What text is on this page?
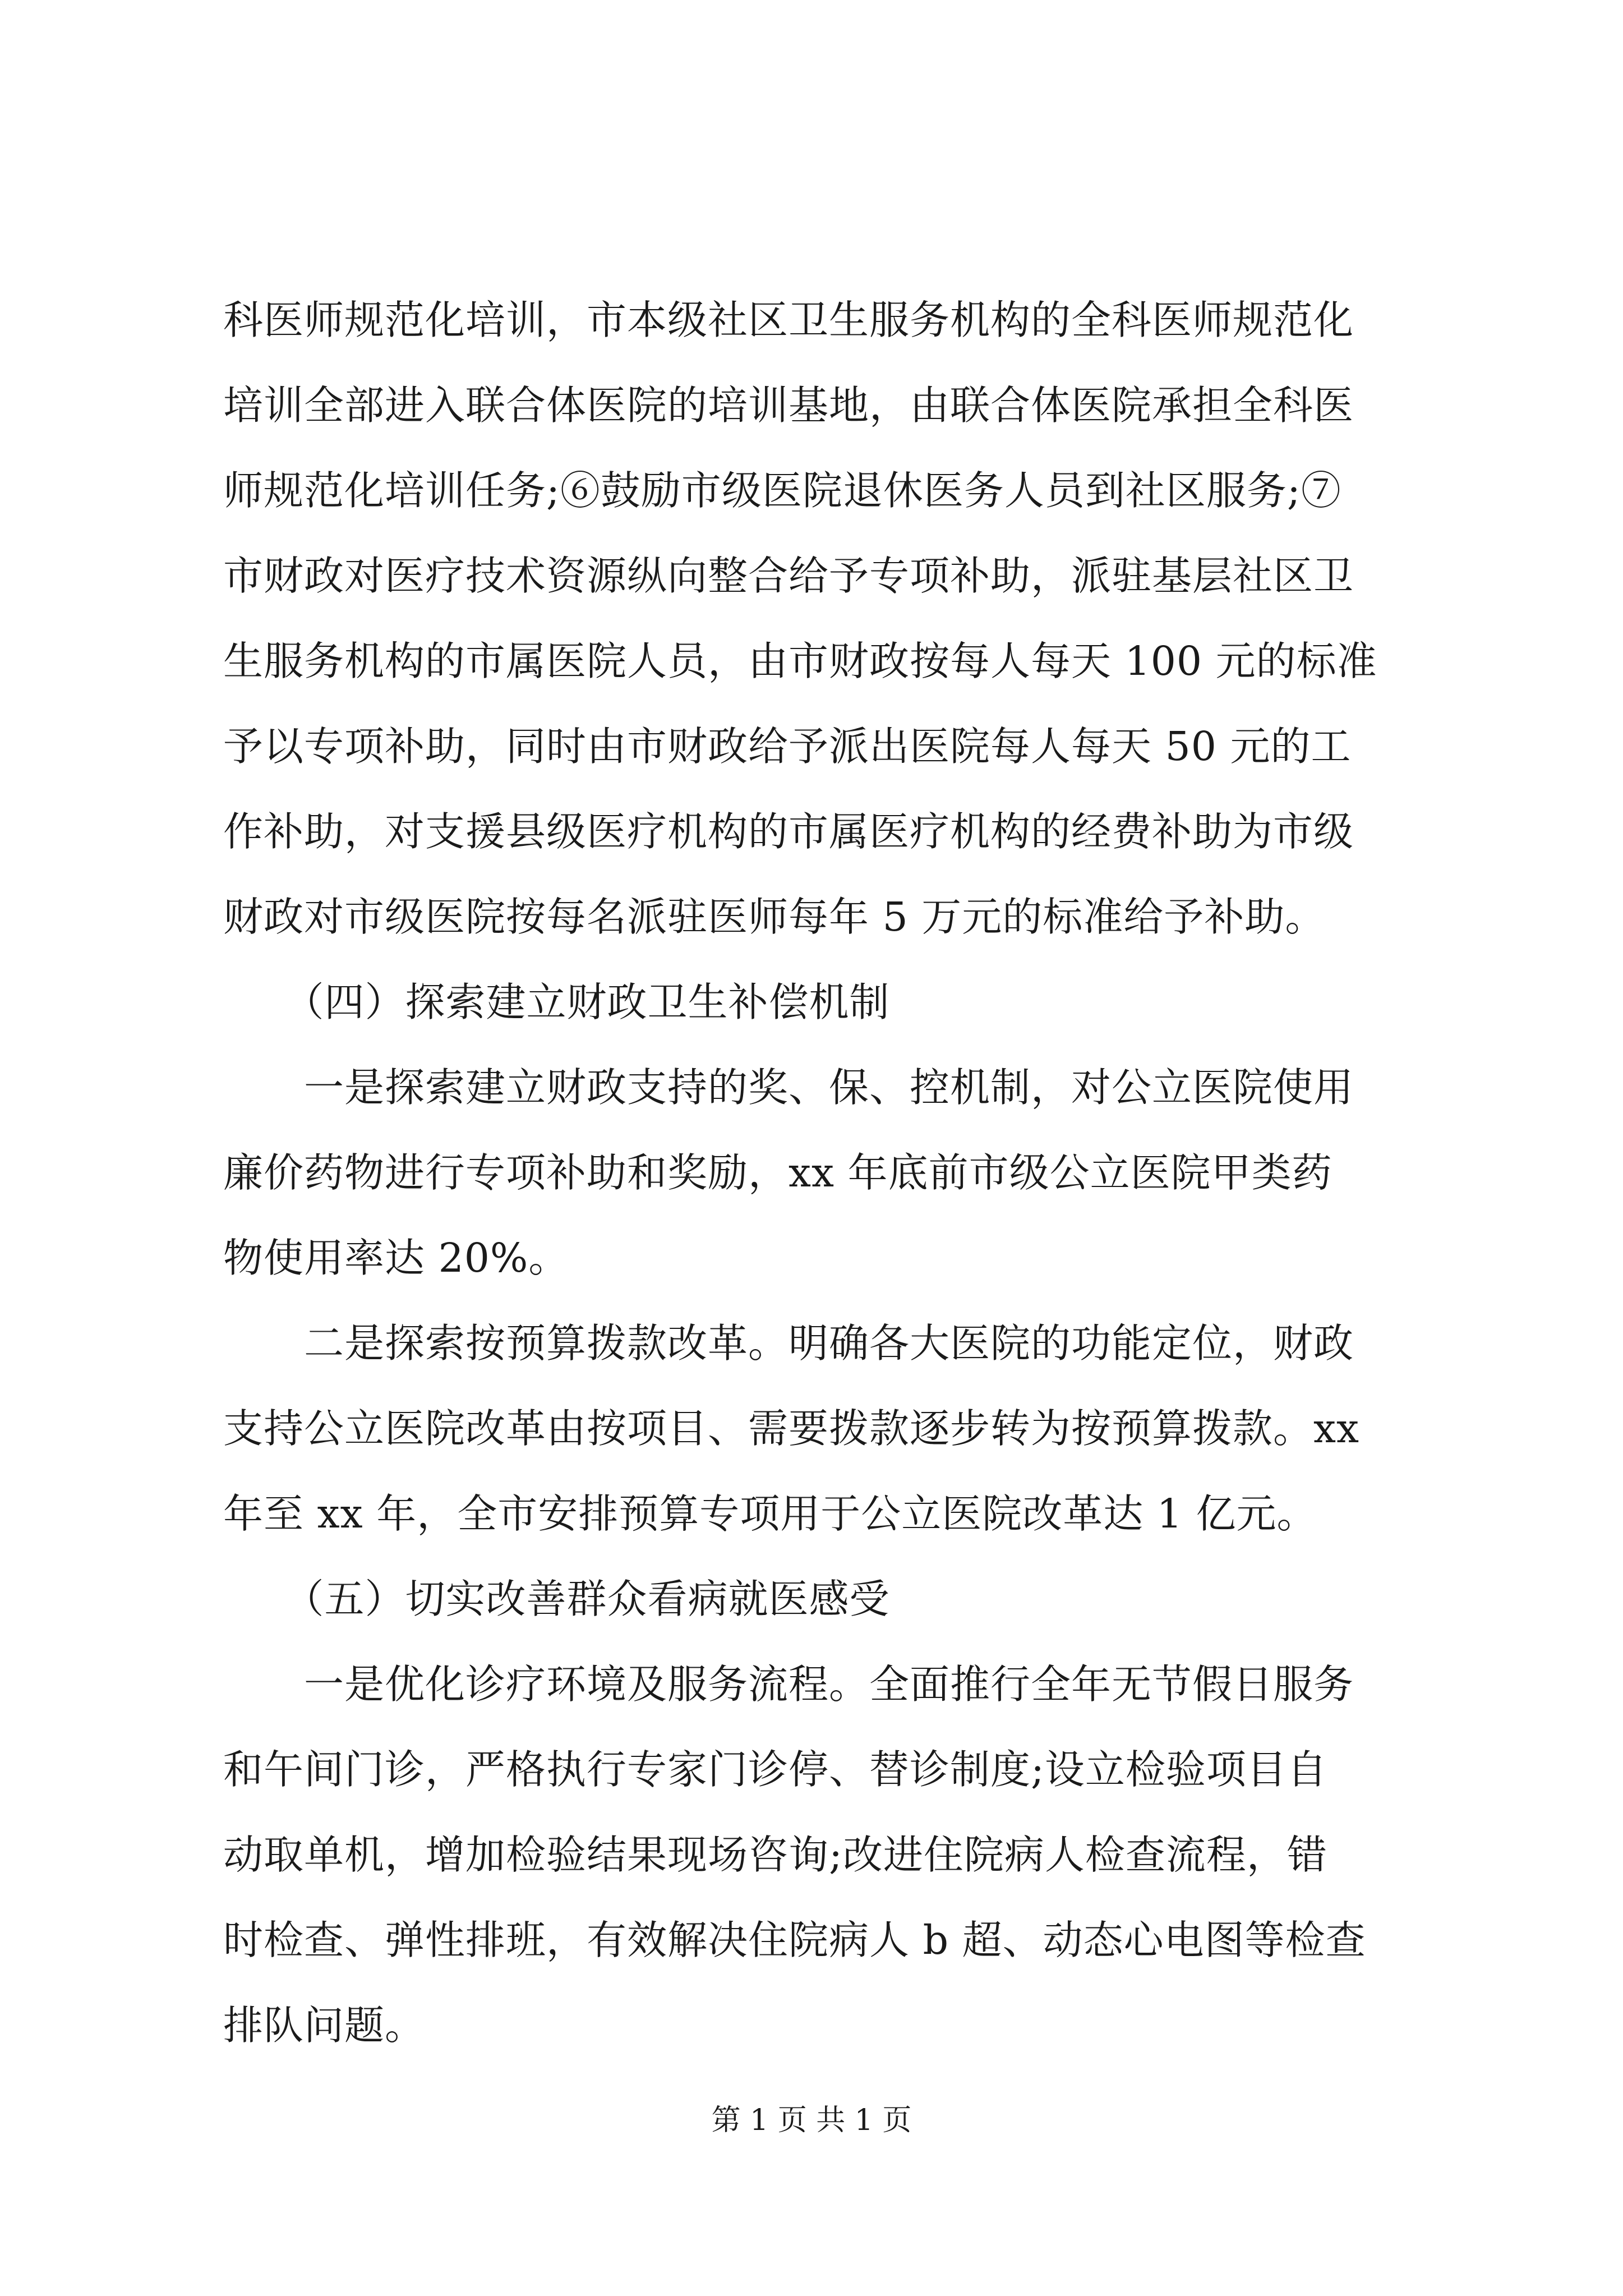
科医师规范化培训，市本级社区卫生服务机构的全科医师规范化
培训全部进入联合体医院的培训基地，由联合体医院承担全科医
师规范化培训任务;⑥鼓励市级医院退休医务人员到社区服务;⑦
市财政对医疗技术资源纵向整合给予专项补助，派驻基层社区卫
生服务机构的市属医院人员，由市财政按每人每天 100 元的标准
予以专项补助，同时由市财政给予派出医院每人每天 50 元的工
作补助，对支援县级医疗机构的市属医疗机构的经费补助为市级
财政对市级医院按每名派驻医师每年 5 万元的标准给予补助。
　　（四）探索建立财政卫生补偿机制
　　一是探索建立财政支持的奖、保、控机制，对公立医院使用
廉价药物进行专项补助和奖励，xx 年底前市级公立医院甲类药
物使用率达 20%。
　　二是探索按预算拨款改革。明确各大医院的功能定位，财政
支持公立医院改革由按项目、需要拨款逐步转为按预算拨款。xx
年至 xx 年，全市安排预算专项用于公立医院改革达 1 亿元。
　　（五）切实改善群众看病就医感受
　　一是优化诊疗环境及服务流程。全面推行全年无节假日服务
和午间门诊，严格执行专家门诊停、替诊制度;设立检验项目自
动取单机，增加检验结果现场咨询;改进住院病人检查流程，错
时检查、弹性排班，有效解决住院病人 b 超、动态心电图等检查
排队问题。
第 1 页 共 1 页
